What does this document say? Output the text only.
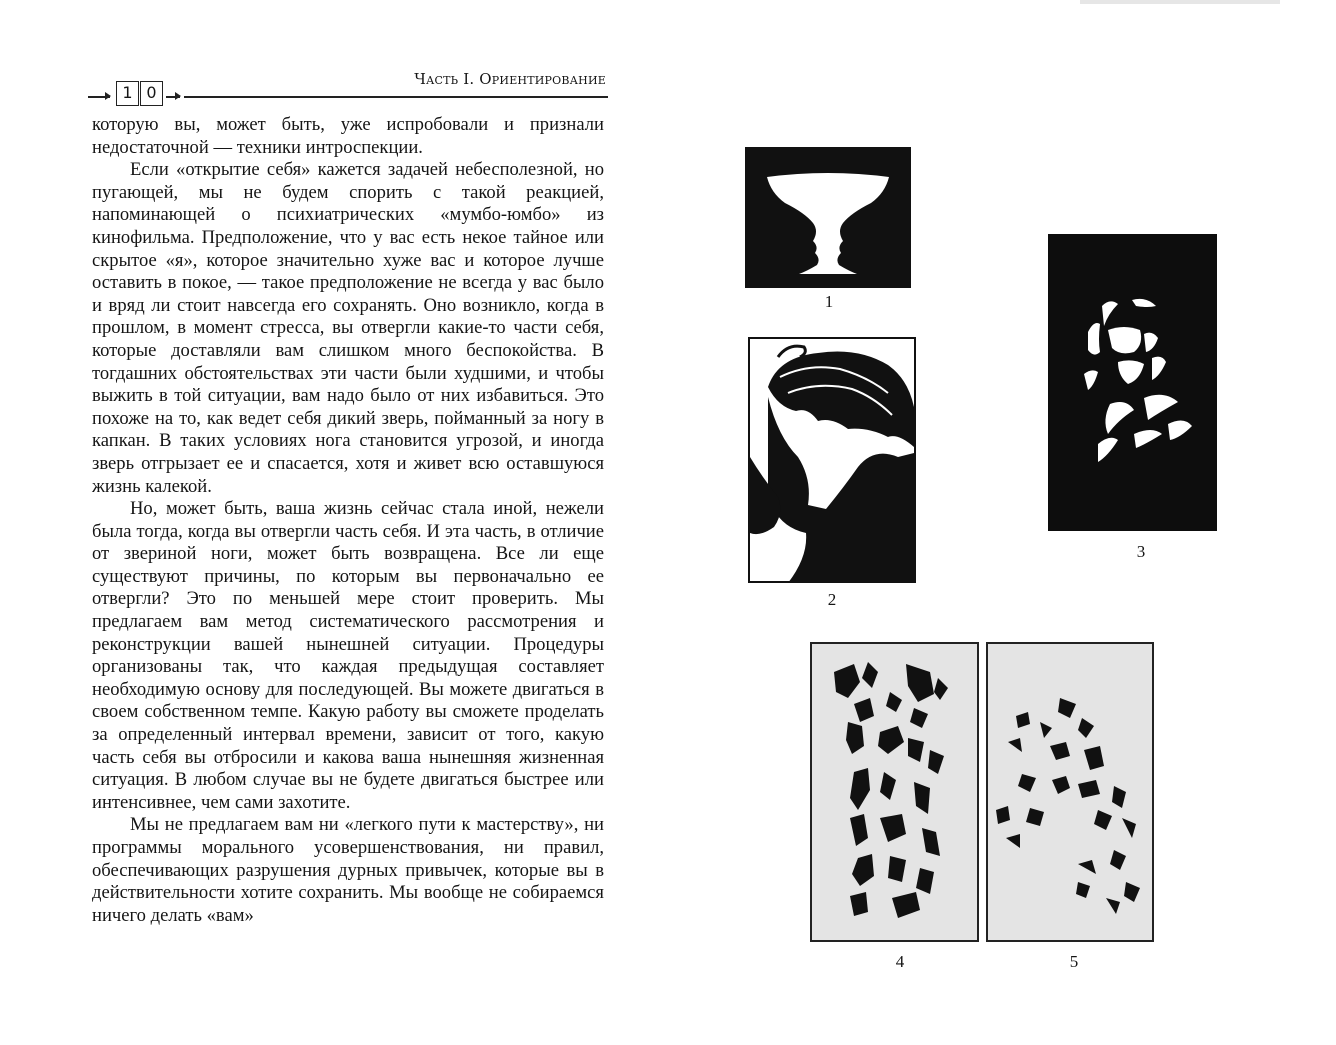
1 0
Часть I. Ориентирование

которую вы, может быть, уже испробовали и признали недостаточной — техники интроспекции.

Если «открытие себя» кажется задачей небесполезной, но пугающей, мы не будем спорить с такой реакцией, напоминающей о психиатрических «мумбо-юмбо» из кинофильма. Предположение, что у вас есть некое тайное или скрытое «я», которое значительно хуже вас и которое лучше оставить в покое, — такое предположение не всегда у вас было и вряд ли стоит навсегда его сохранять. Оно возникло, когда в прошлом, в момент стресса, вы отвергли какие-то части себя, которые доставляли вам слишком много беспокойства. В тогдашних обстоятельствах эти части были худшими, и чтобы выжить в той ситуации, вам надо было от них избавиться. Это похоже на то, как ведет себя дикий зверь, пойманный за ногу в капкан. В таких условиях нога становится угрозой, и иногда зверь отгрызает ее и спасается, хотя и живет всю оставшуюся жизнь калекой.

Но, может быть, ваша жизнь сейчас стала иной, нежели была тогда, когда вы отвергли часть себя. И эта часть, в отличие от звериной ноги, может быть возвращена. Все ли еще существуют причины, по которым вы первоначально ее отвергли? Это по меньшей мере стоит проверить. Мы предлагаем вам метод систематического рассмотрения и реконструкции вашей нынешней ситуации. Процедуры организованы так, что каждая предыдущая составляет необходимую основу для последующей. Вы можете двигаться в своем собственном темпе. Какую работу вы сможете проделать за определенный интервал времени, зависит от того, какую часть себя вы отбросили и какова ваша нынешняя жизненная ситуация. В любом случае вы не будете двигаться быстрее или интенсивнее, чем сами захотите.

Мы не предлагаем вам ни «легкого пути к мастерству», ни программы морального усовершенствования, ни правил, обеспечивающих разрушения дурных привычек, которые вы в действительности хотите сохранить. Мы вообще не собираемся ничего делать «вам»

1
2
3
4	5
